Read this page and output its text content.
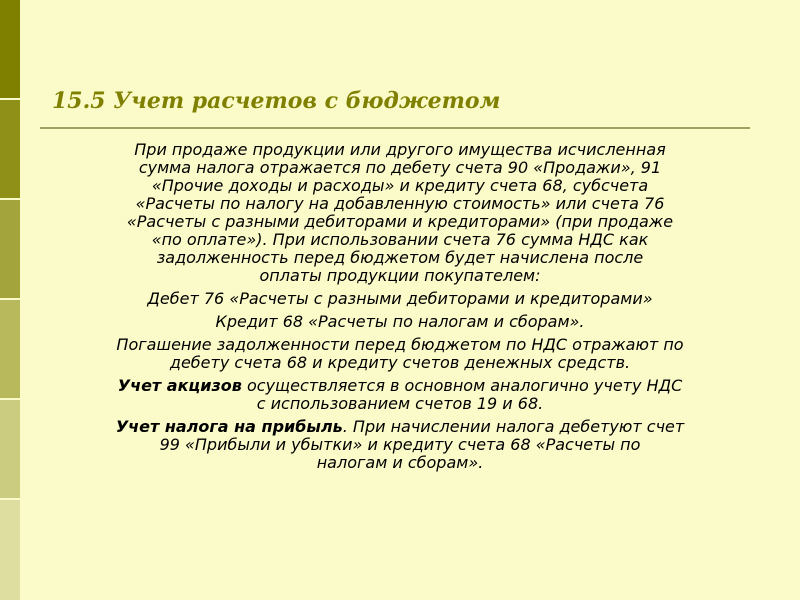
15.5 Учет расчетов с бюджетом
При продаже продукции или другого имущества исчисленная
сумма налога отражается по дебету счета 90 «Продажи», 91
«Прочие доходы и расходы» и кредиту счета 68, субсчета
«Расчеты по налогу на добавленную стоимость» или счета 76
«Расчеты с разными дебиторами и кредиторами» (при продаже
«по оплате»). При использовании счета 76 сумма НДС как
задолженность перед бюджетом будет начислена после
оплаты продукции покупателем:
Дебет 76 «Расчеты с разными дебиторами и кредиторами»
Кредит 68 «Расчеты по налогам и сборам».
Погашение задолженности перед бюджетом по НДС отражают по
дебету счета 68 и кредиту счетов денежных средств.
Учет акцизов осуществляется в основном аналогично учету НДС
с использованием счетов 19 и 68.
Учет налога на прибыль. При начислении налога дебетуют счет
99 «Прибыли и убытки» и кредиту счета 68 «Расчеты по
налогам и сборам».
